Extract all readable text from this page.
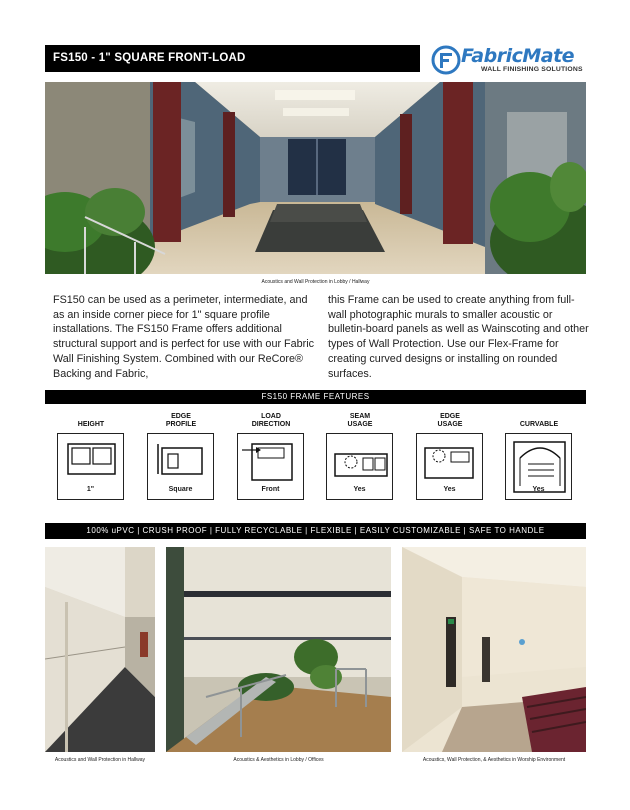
FS150 - 1" SQUARE FRONT-LOAD	FabricMate
WALL FINISHING SOLUTIONS
Acoustics and Wall Protection in Lobby / Hallway
FS150 can be used as a perimeter, intermediate, and as an inside corner piece for 1" square profile installations. The FS150 Frame offers additional structural support and is perfect for use with our Fabric Wall Finishing System. Combined with our ReCore® Backing and Fabric,
this Frame can be used to create anything from full-wall photographic murals to smaller acoustic or bulletin-board panels as well as Wainscoting and other types of Wall Protection. Use our Flex-Frame for creating curved designs or installing on rounded surfaces.
FS150 FRAME FEATURES
HEIGHT
1"
EDGE
PROFILE
Square
LOAD
DIRECTION
Front
SEAM
USAGE
Yes
EDGE
USAGE
Yes
CURVABLE
Yes
100% uPVC | CRUSH PROOF | FULLY RECYCLABLE | FLEXIBLE | EASILY CUSTOMIZABLE | SAFE TO HANDLE
Acoustics and Wall Protection in Hallway	Acoustics & Aesthetics in Lobby / Offices	Acoustics, Wall Protection, & Aesthetics in Worship Environment
